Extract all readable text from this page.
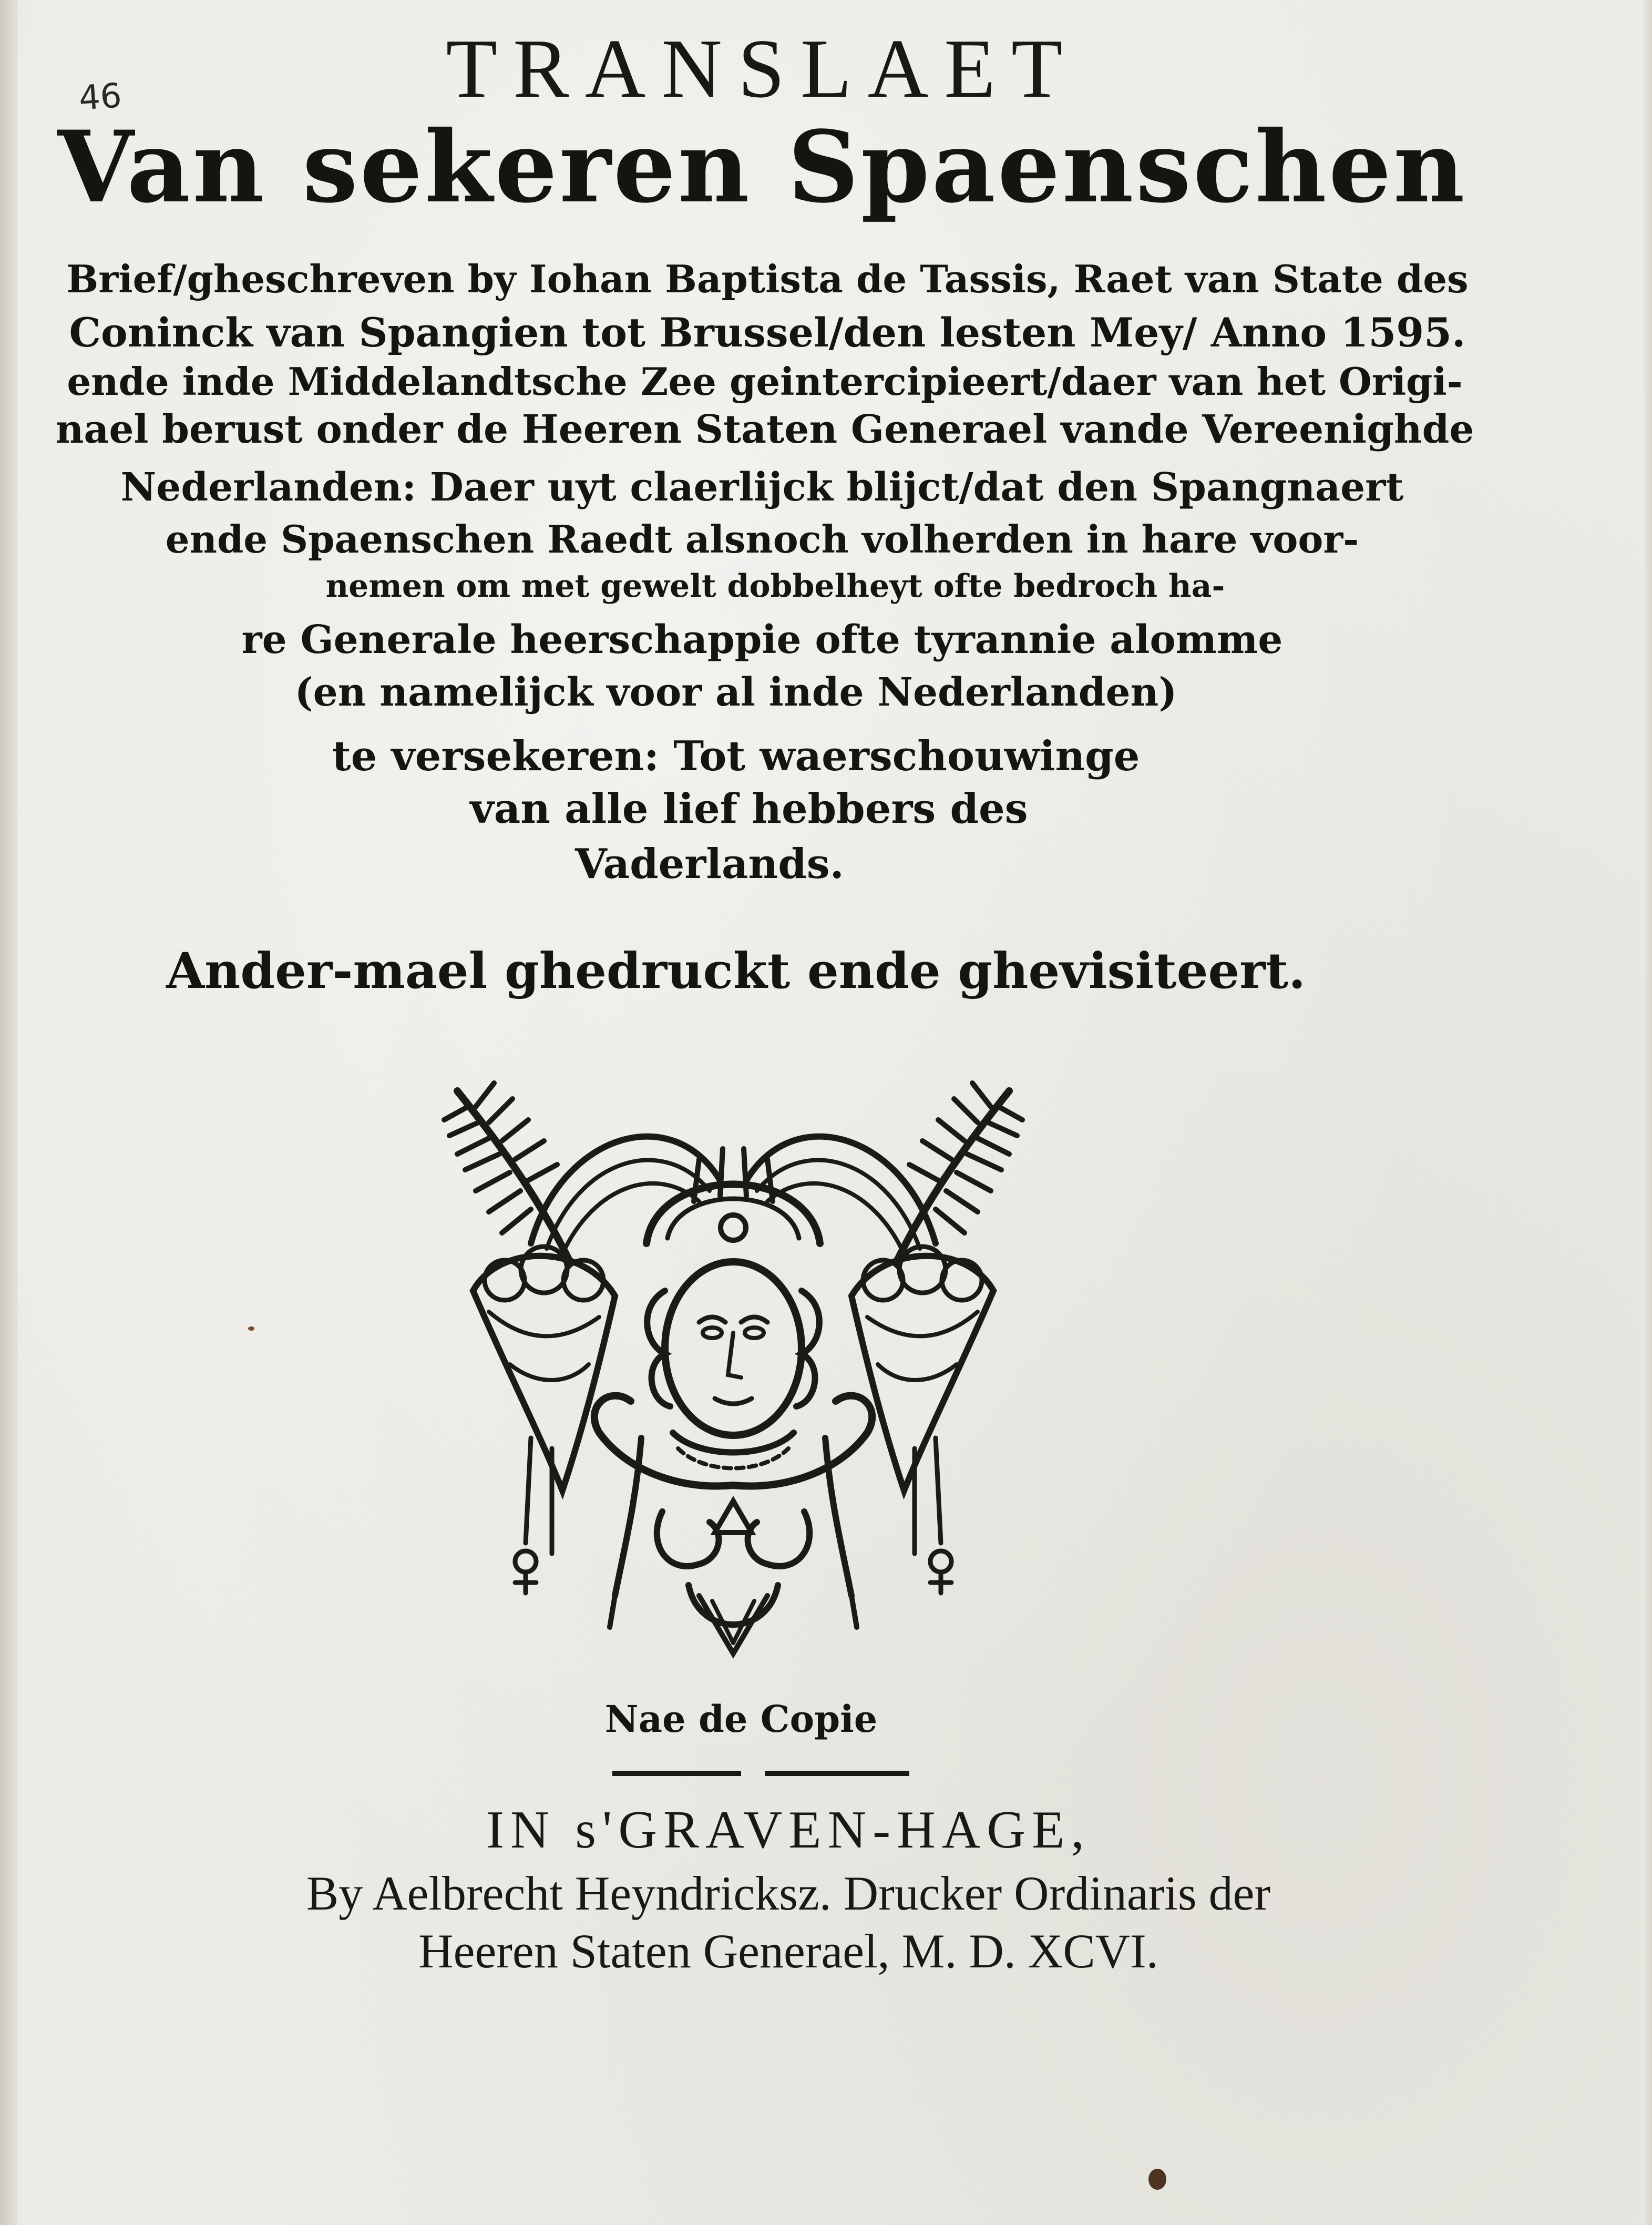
46	TRANSLAET
Van sekeren Spaenschen
Brief/gheschreven by Iohan Baptista de Tassis, Raet van State des
Coninck van Spangien tot Brussel/den lesten Mey/ Anno 1595.
ende inde Middelandtsche Zee geintercipieert/daer van het Origi-
nael berust onder de Heeren Staten Generael vande Vereenighde
Nederlanden: Daer uyt claerlijck blijct/dat den Spangnaert
ende Spaenschen Raedt alsnoch volherden in hare voor-
nemen om met gewelt dobbelheyt ofte bedroch ha-
re Generale heerschappie ofte tyrannie alomme
(en namelijck voor al inde Nederlanden)
te versekeren: Tot waerschouwinge
van alle lief hebbers des
Vaderlands.
Ander-mael ghedruckt ende ghevisiteert.
Nae de Copie
IN s'GRAVEN-HAGE,
By Aelbrecht Heyndricksz. Drucker Ordinaris der
Heeren Staten Generael, M. D. XCVI.
